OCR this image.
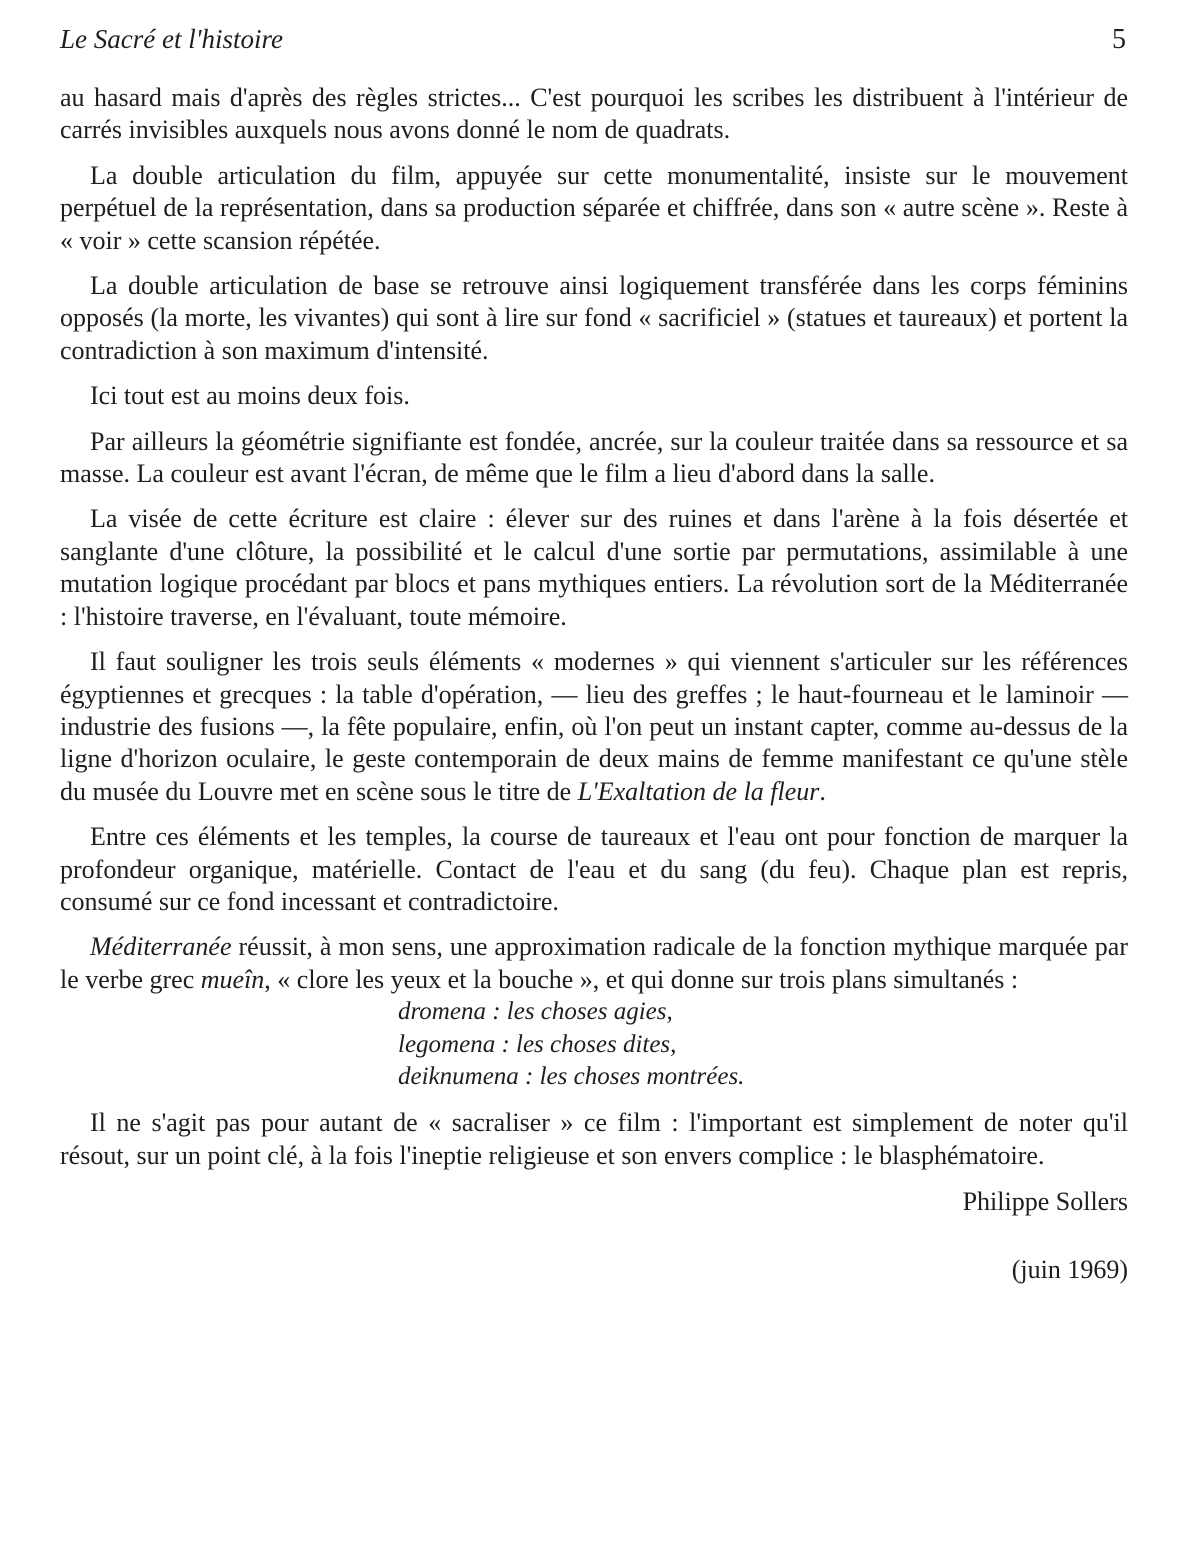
Le Sacré et l'histoire	5

au hasard mais d'après des règles strictes... C'est pourquoi les scribes les distribuent à l'intérieur de carrés invisibles auxquels nous avons donné le nom de quadrats.

La double articulation du film, appuyée sur cette monumentalité, insiste sur le mouvement perpétuel de la représentation, dans sa production séparée et chiffrée, dans son « autre scène ». Reste à « voir » cette scansion répétée.

La double articulation de base se retrouve ainsi logiquement transférée dans les corps féminins opposés (la morte, les vivantes) qui sont à lire sur fond « sacrificiel » (statues et taureaux) et portent la contradiction à son maximum d'intensité.

Ici tout est au moins deux fois.

Par ailleurs la géométrie signifiante est fondée, ancrée, sur la couleur traitée dans sa ressource et sa masse. La couleur est avant l'écran, de même que le film a lieu d'abord dans la salle.

La visée de cette écriture est claire : élever sur des ruines et dans l'arène à la fois désertée et sanglante d'une clôture, la possibilité et le calcul d'une sortie par permutations, assimilable à une mutation logique procédant par blocs et pans mythiques entiers. La révolution sort de la Méditerranée : l'histoire traverse, en l'évaluant, toute mémoire.

Il faut souligner les trois seuls éléments « modernes » qui viennent s'articuler sur les références égyptiennes et grecques : la table d'opération, — lieu des greffes ; le haut-fourneau et le laminoir — industrie des fusions —, la fête populaire, enfin, où l'on peut un instant capter, comme au-dessus de la ligne d'horizon oculaire, le geste contemporain de deux mains de femme manifestant ce qu'une stèle du musée du Louvre met en scène sous le titre de L'Exaltation de la fleur.

Entre ces éléments et les temples, la course de taureaux et l'eau ont pour fonction de marquer la profondeur organique, matérielle. Contact de l'eau et du sang (du feu). Chaque plan est repris, consumé sur ce fond incessant et contradictoire.

Méditerranée réussit, à mon sens, une approximation radicale de la fonction mythique marquée par le verbe grec mueîn, « clore les yeux et la bouche », et qui donne sur trois plans simultanés :

dromena : les choses agies,
legomena : les choses dites,
deiknumena : les choses montrées.

Il ne s'agit pas pour autant de « sacraliser » ce film : l'important est simplement de noter qu'il résout, sur un point clé, à la fois l'ineptie religieuse et son envers complice : le blasphématoire.

Philippe Sollers
(juin 1969)
